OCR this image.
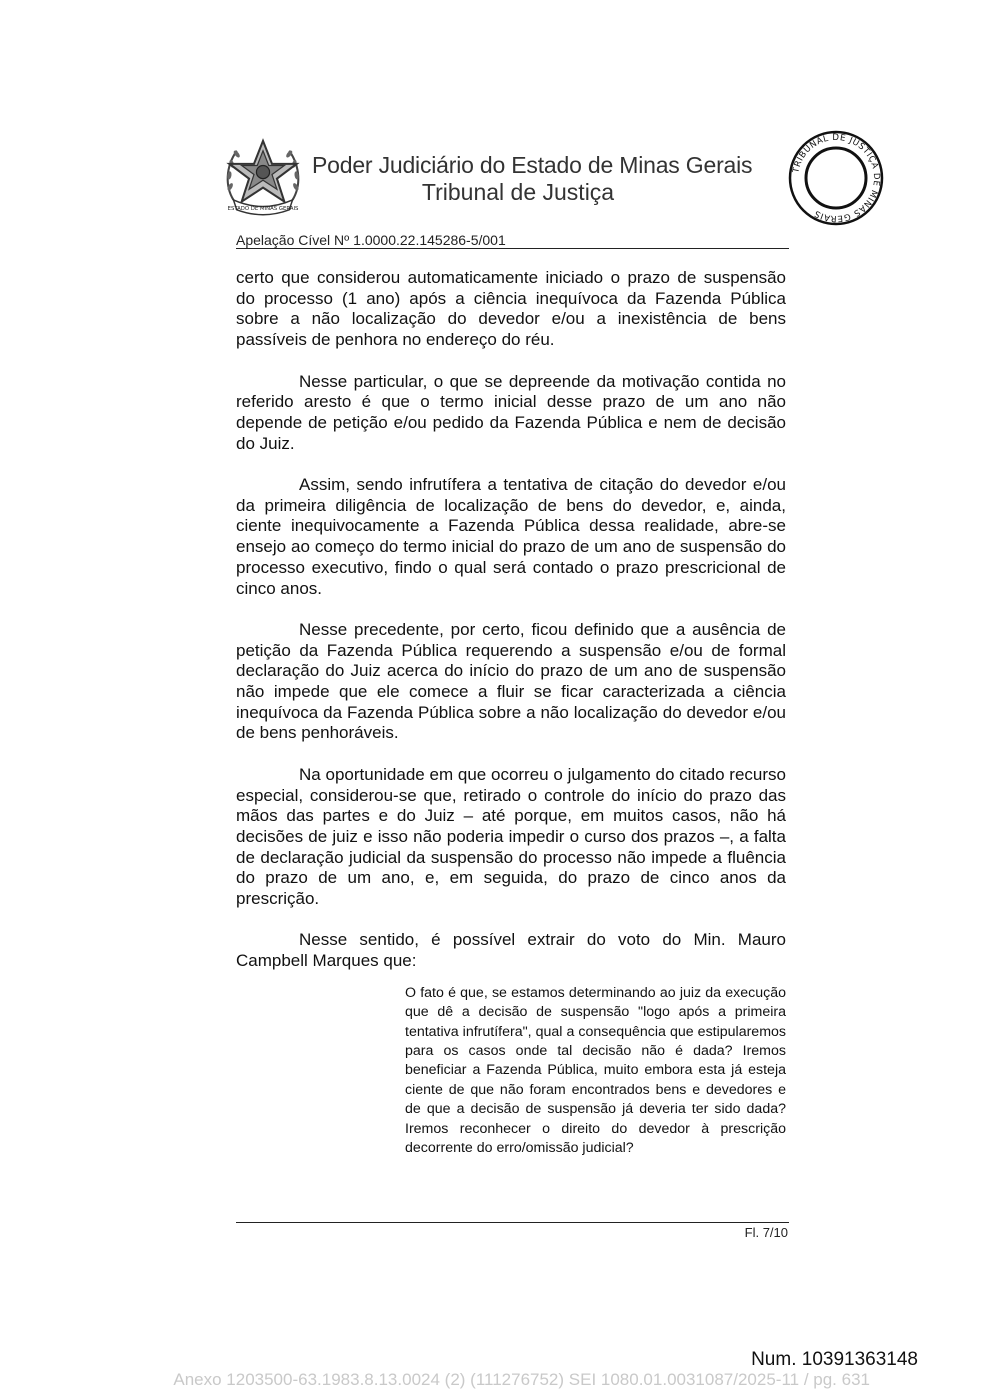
ESTADO DE MINAS GERAIS
Poder Judiciário do Estado de Minas Gerais
Tribunal de Justiça
TRIBUNAL DE JUSTIÇA DE MINAS GERAIS
Apelação Cível Nº 1.0000.22.145286-5/001

certo que considerou automaticamente iniciado o prazo de suspensão do processo (1 ano) após a ciência inequívoca da Fazenda Pública sobre a não localização do devedor e/ou a inexistência de bens passíveis de penhora no endereço do réu.

Nesse particular, o que se depreende da motivação contida no referido aresto é que o termo inicial desse prazo de um ano não depende de petição e/ou pedido da Fazenda Pública e nem de decisão do Juiz.

Assim, sendo infrutífera a tentativa de citação do devedor e/ou da primeira diligência de localização de bens do devedor, e, ainda, ciente inequivocamente a Fazenda Pública dessa realidade, abre-se ensejo ao começo do termo inicial do prazo de um ano de suspensão do processo executivo, findo o qual será contado o prazo prescricional de cinco anos.

Nesse precedente, por certo, ficou definido que a ausência de petição da Fazenda Pública requerendo a suspensão e/ou de formal declaração do Juiz acerca do início do prazo de um ano de suspensão não impede que ele comece a fluir se ficar caracterizada a ciência inequívoca da Fazenda Pública sobre a não localização do devedor e/ou de bens penhoráveis.

Na oportunidade em que ocorreu o julgamento do citado recurso especial, considerou-se que, retirado o controle do início do prazo das mãos das partes e do Juiz – até porque, em muitos casos, não há decisões de juiz e isso não poderia impedir o curso dos prazos –, a falta de declaração judicial da suspensão do processo não impede a fluência do prazo de um ano, e, em seguida, do prazo de cinco anos da prescrição.

Nesse sentido, é possível extrair do voto do Min. Mauro Campbell Marques que:

O fato é que, se estamos determinando ao juiz da execução que dê a decisão de suspensão "logo após a primeira tentativa infrutífera", qual a consequência que estipularemos para os casos onde tal decisão não é dada? Iremos beneficiar a Fazenda Pública, muito embora esta já esteja ciente de que não foram encontrados bens e devedores e de que a decisão de suspensão já deveria ter sido dada? Iremos reconhecer o direito do devedor à prescrição decorrente do erro/omissão judicial?

Fl. 7/10
Num. 10391363148
Anexo 1203500-63.1983.8.13.0024 (2) (111276752) SEI 1080.01.0031087/2025-11 / pg. 631
